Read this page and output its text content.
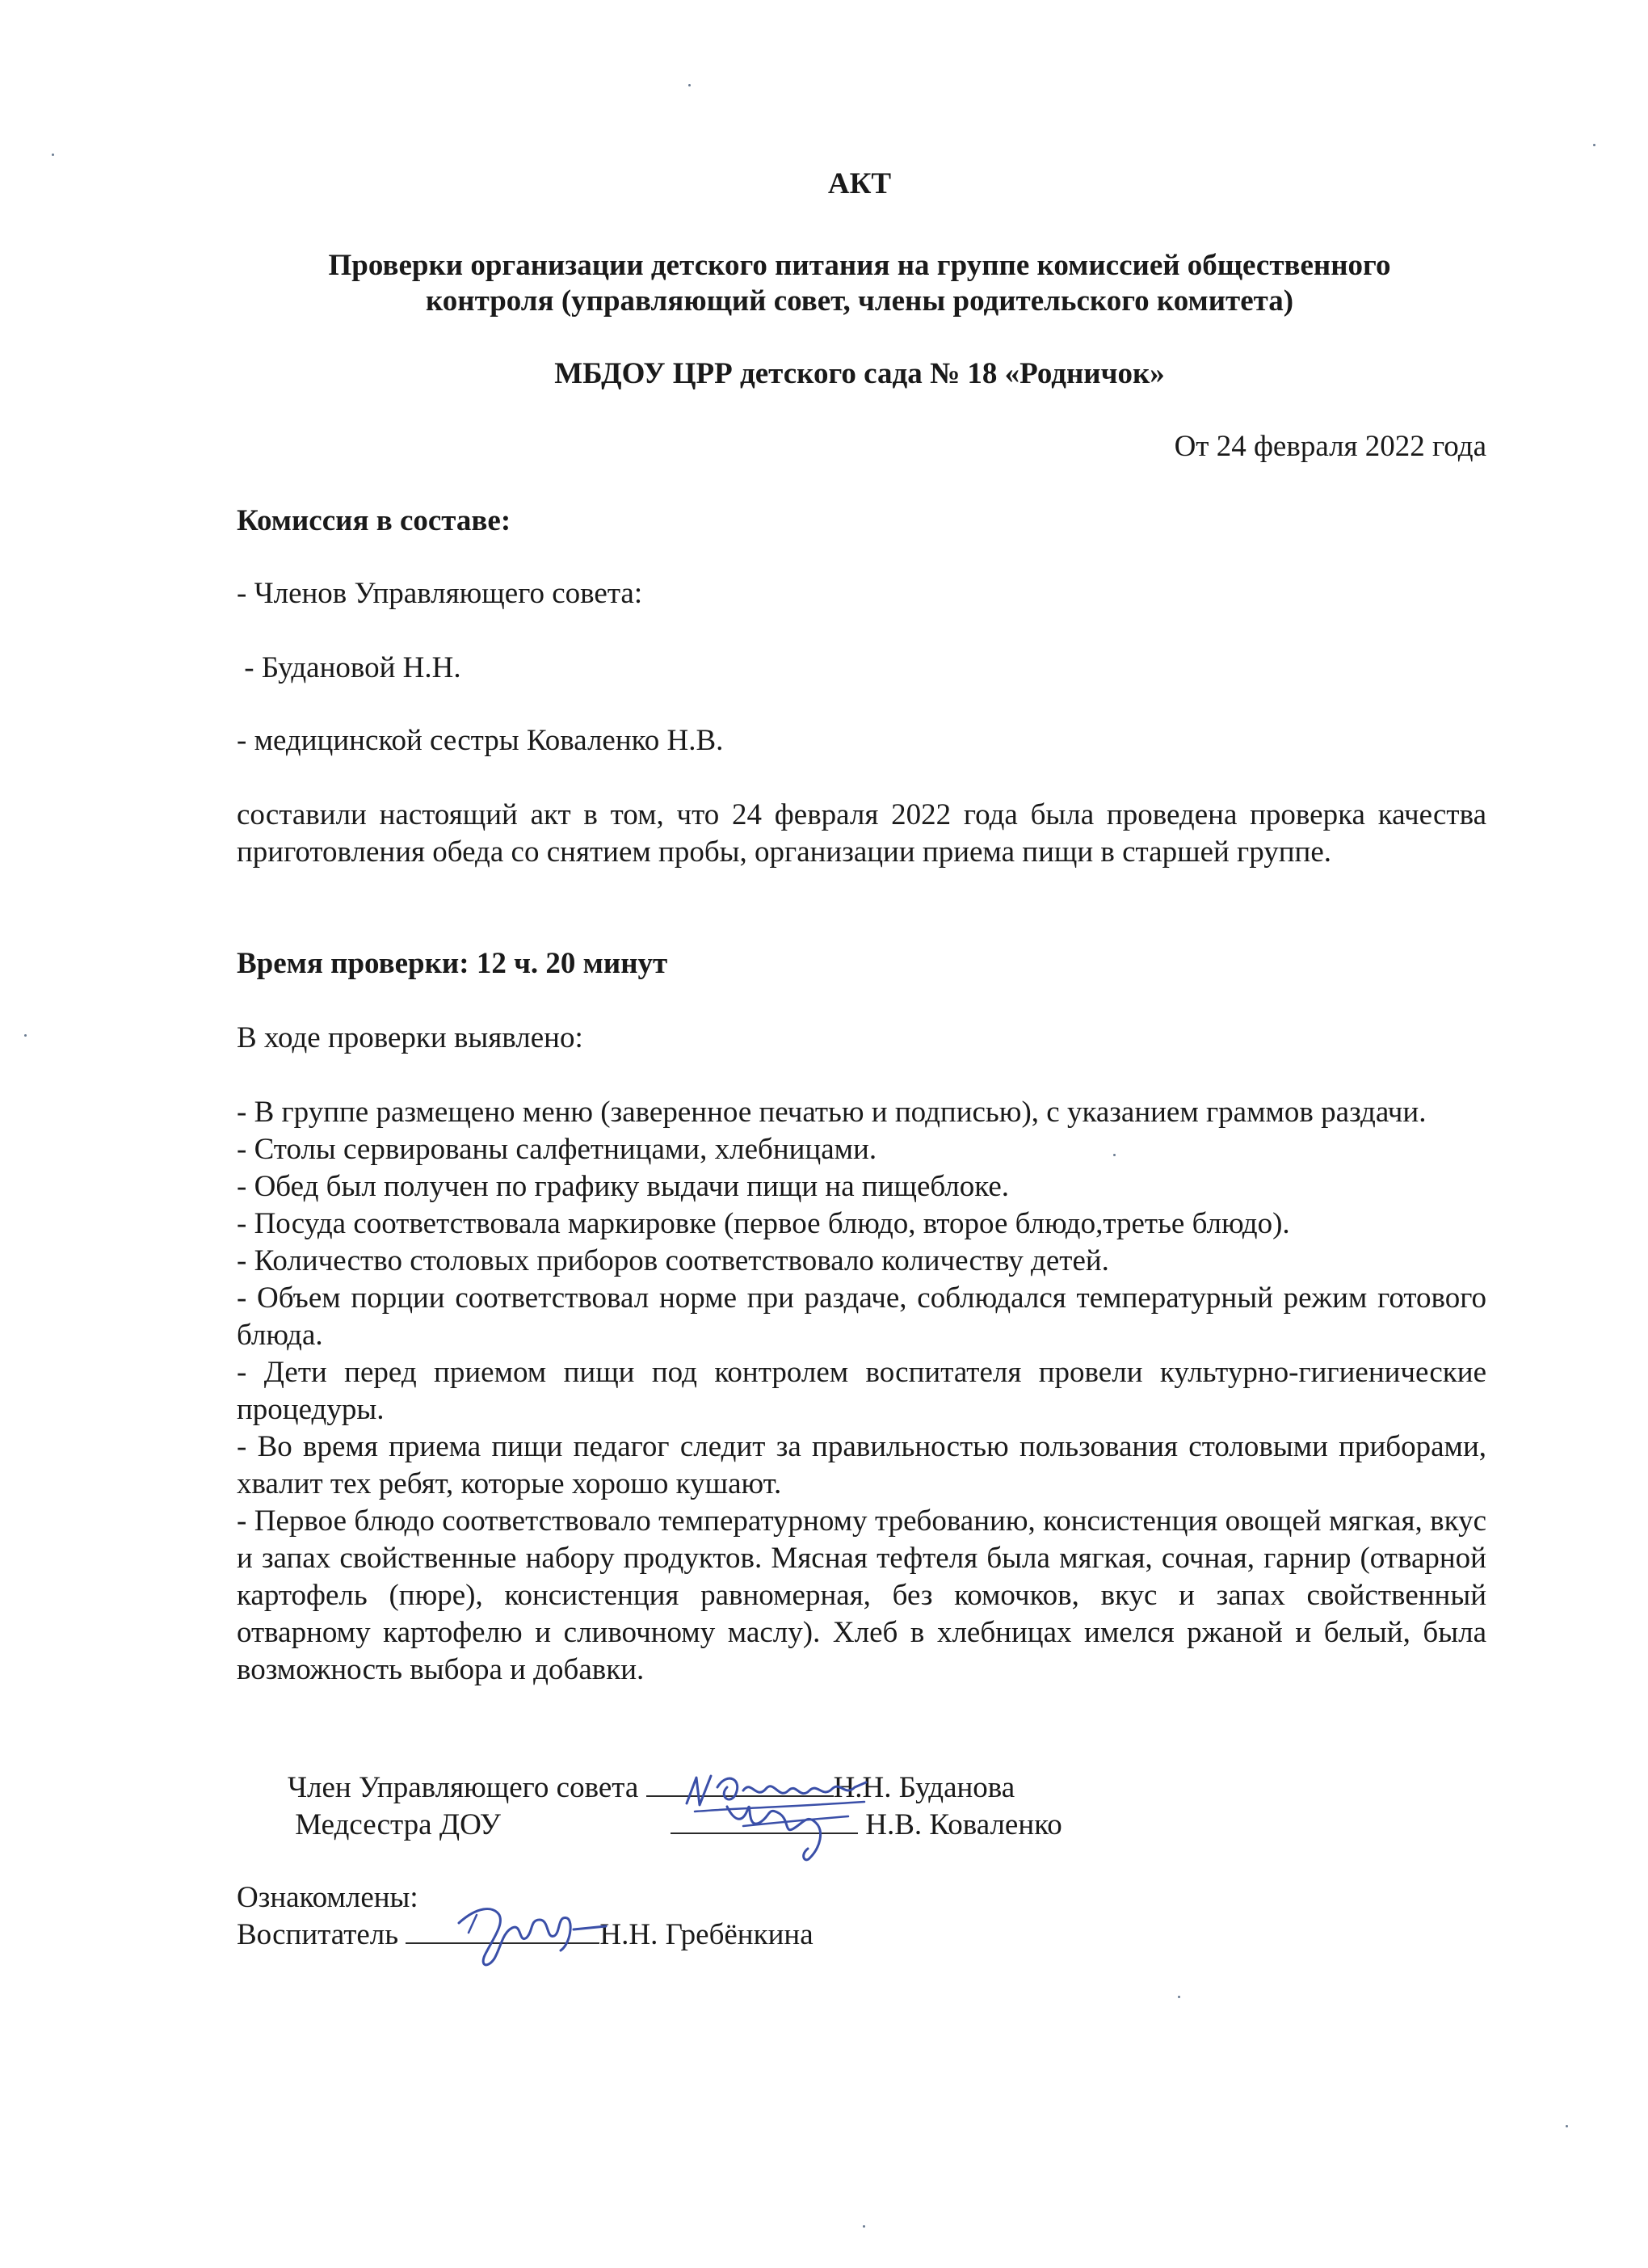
АКТ
Проверки организации детского питания на группе комиссией общественного
контроля (управляющий совет, члены родительского комитета)
МБДОУ ЦРР детского сада № 18 «Родничок»
От 24 февраля 2022 года
Комиссия в составе:
- Членов Управляющего совета:
- Будановой Н.Н.
- медицинской сестры Коваленко Н.В.
составили настоящий акт в том, что 24 февраля 2022 года была проведена проверка качества приготовления обеда со снятием пробы, организации приема пищи в старшей группе.
Время проверки: 12 ч. 20 минут
В ходе проверки выявлено:
- В группе размещено меню (заверенное печатью и подписью), с указанием граммов раздачи.
- Столы сервированы салфетницами, хлебницами.
- Обед был получен по графику выдачи пищи на пищеблоке.
- Посуда соответствовала маркировке (первое блюдо, второе блюдо,третье блюдо).
- Количество столовых приборов соответствовало количеству детей.
- Объем порции соответствовал норме при раздаче, соблюдался температурный режим готового блюда.
- Дети перед приемом пищи под контролем воспитателя провели культурно-гигиенические процедуры.
- Во время приема пищи педагог следит за правильностью пользования столовыми приборами, хвалит тех ребят, которые хорошо кушают.
- Первое блюдо соответствовало температурному требованию, консистенция овощей мягкая, вкус и запах свойственные набору продуктов. Мясная тефтеля была мягкая, сочная, гарнир (отварной картофель (пюре), консистенция равномерная, без комочков, вкус и запах свойственный отварному картофелю и сливочному маслу). Хлеб в хлебницах имелся ржаной и белый, была возможность выбора и добавки.
Член Управляющего совета	Н.Н. Буданова
Медсестра ДОУ	Н.В. Коваленко
Ознакомлены:
Воспитатель	Н.Н. Гребёнкина
